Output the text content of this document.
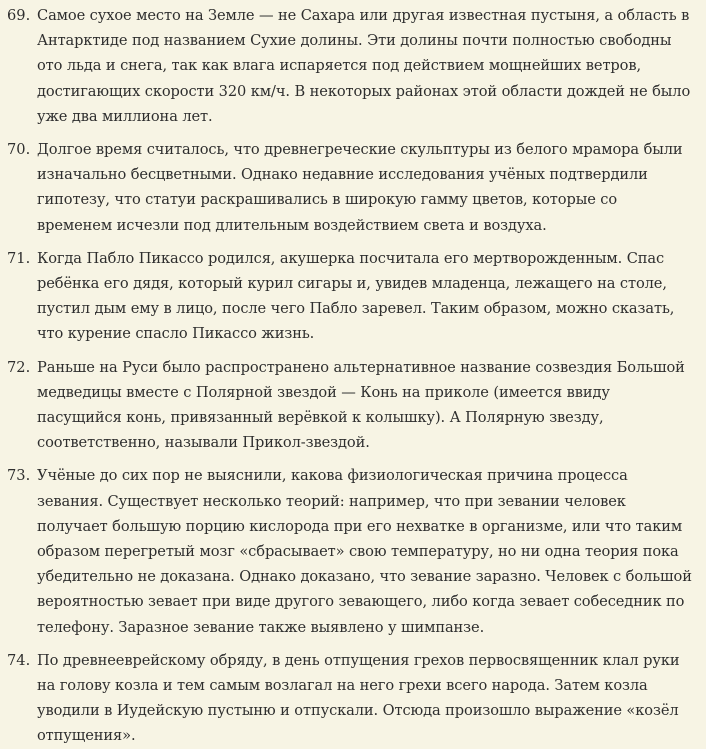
69. Самое сухое место на Земле — не Сахара или другая известная пустыня, а область в Антарктиде под названием Сухие долины. Эти долины почти полностью свободны ото льда и снега, так как влага испаряется под действием мощнейших ветров, достигающих скорости 320 км/ч. В некоторых районах этой области дождей не было уже два миллиона лет.

70. Долгое время считалось, что древнегреческие скульптуры из белого мрамора были изначально бесцветными. Однако недавние исследования учёных подтвердили гипотезу, что статуи раскрашивались в широкую гамму цветов, которые со временем исчезли под длительным воздействием света и воздуха.

71. Когда Пабло Пикассо родился, акушерка посчитала его мертворожденным. Спас ребёнка его дядя, который курил сигары и, увидев младенца, лежащего на столе, пустил дым ему в лицо, после чего Пабло заревел. Таким образом, можно сказать, что курение спасло Пикассо жизнь.

72. Раньше на Руси было распространено альтернативное название созвездия Большой медведицы вместе с Полярной звездой — Конь на приколе (имеется ввиду пасущийся конь, привязанный верёвкой к колышку). А Полярную звезду, соответственно, называли Прикол-звездой.

73. Учёные до сих пор не выяснили, какова физиологическая причина процесса зевания. Существует несколько теорий: например, что при зевании человек получает большую порцию кислорода при его нехватке в организме, или что таким образом перегретый мозг «сбрасывает» свою температуру, но ни одна теория пока убедительно не доказана. Однако доказано, что зевание заразно. Человек с большой вероятностью зевает при виде другого зевающего, либо когда зевает собеседник по телефону. Заразное зевание также выявлено у шимпанзе.

74. По древнееврейскому обряду, в день отпущения грехов первосвященник клал руки на голову козла и тем самым возлагал на него грехи всего народа. Затем козла уводили в Иудейскую пустыню и отпускали. Отсюда произошло выражение «козёл отпущения».
